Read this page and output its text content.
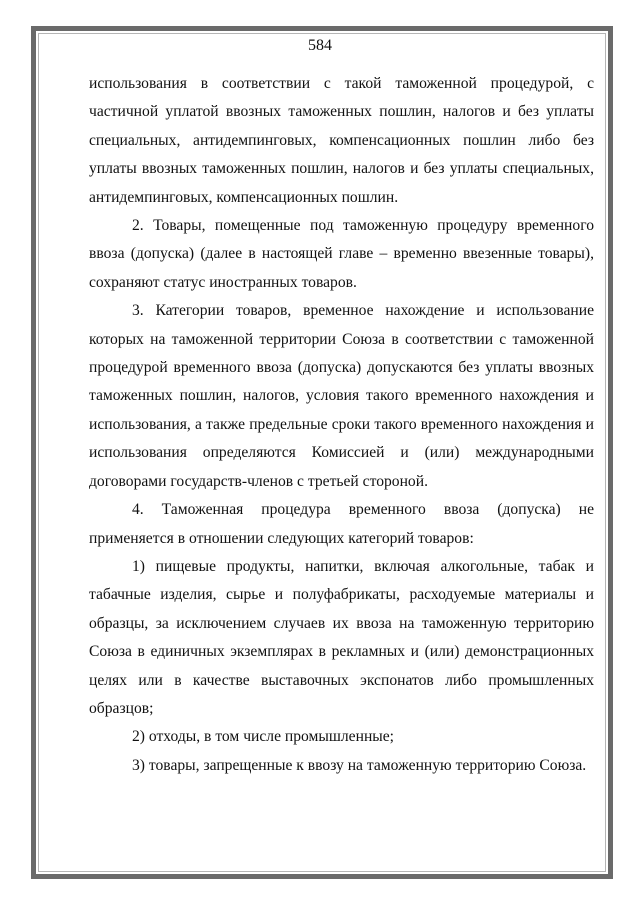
584

использования в соответствии с такой таможенной процедурой, с частичной уплатой ввозных таможенных пошлин, налогов и без уплаты специальных, антидемпинговых, компенсационных пошлин либо без уплаты ввозных таможенных пошлин, налогов и без уплаты специальных, антидемпинговых, компенсационных пошлин.

2. Товары, помещенные под таможенную процедуру временного ввоза (допуска) (далее в настоящей главе – временно ввезенные товары), сохраняют статус иностранных товаров.

3. Категории товаров, временное нахождение и использование которых на таможенной территории Союза в соответствии с таможенной процедурой временного ввоза (допуска) допускаются без уплаты ввозных таможенных пошлин, налогов, условия такого временного нахождения и использования, а также предельные сроки такого временного нахождения и использования определяются Комиссией и (или) международными договорами государств-членов с третьей стороной.

4. Таможенная процедура временного ввоза (допуска) не применяется в отношении следующих категорий товаров:

1) пищевые продукты, напитки, включая алкогольные, табак и табачные изделия, сырье и полуфабрикаты, расходуемые материалы и образцы, за исключением случаев их ввоза на таможенную территорию Союза в единичных экземплярах в рекламных и (или) демонстрационных целях или в качестве выставочных экспонатов либо промышленных образцов;

2) отходы, в том числе промышленные;

3) товары, запрещенные к ввозу на таможенную территорию Союза.
